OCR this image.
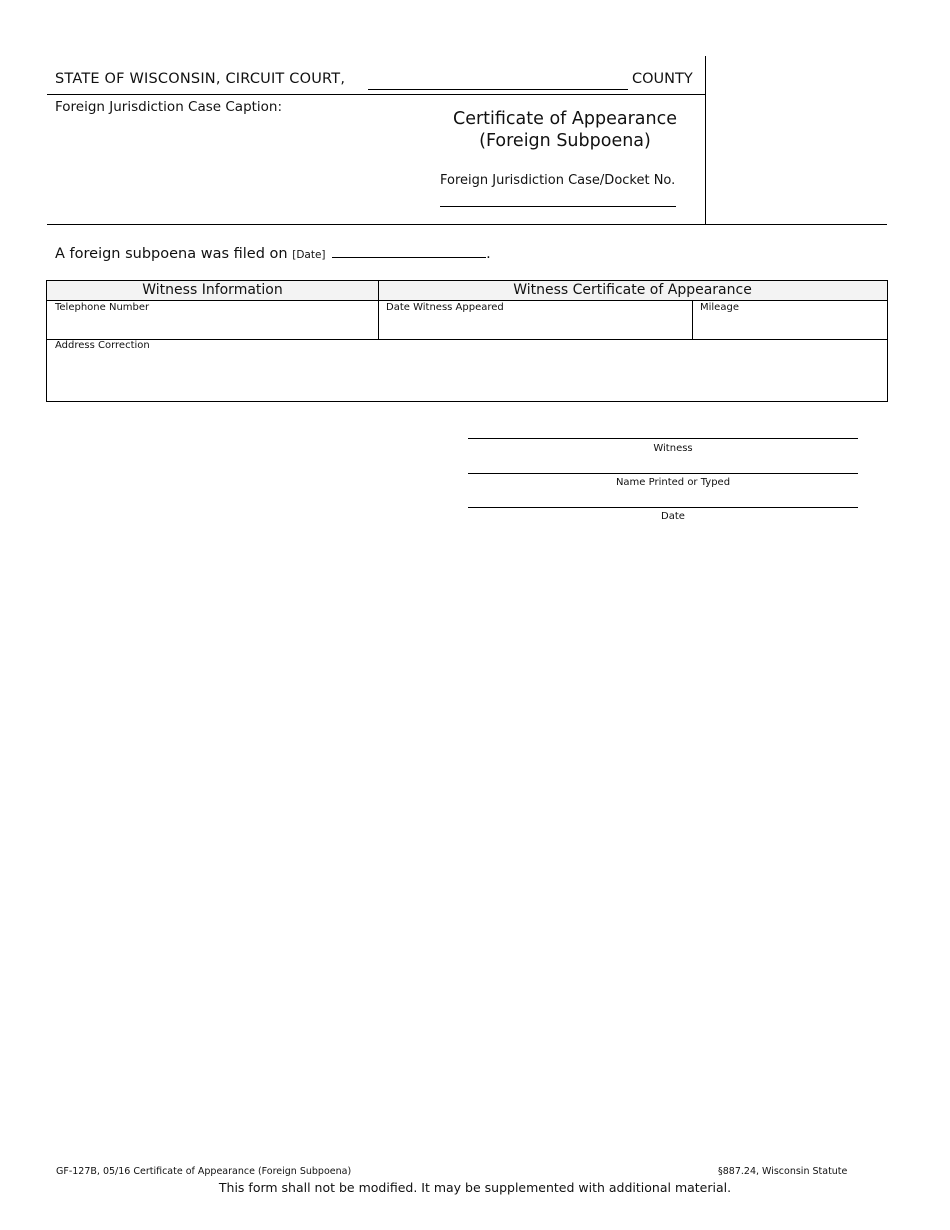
STATE OF WISCONSIN, CIRCUIT COURT,	COUNTY
Foreign Jurisdiction Case Caption:
Certificate of Appearance
(Foreign Subpoena)
Foreign Jurisdiction Case/Docket No.
A foreign subpoena was filed on [Date]	.
Witness Information	Witness Certificate of Appearance
Telephone Number	Date Witness Appeared	Mileage
Address Correction
Witness
Name Printed or Typed
Date
GF-127B, 05/16 Certificate of Appearance (Foreign Subpoena)	§887.24, Wisconsin Statute
This form shall not be modified. It may be supplemented with additional material.
